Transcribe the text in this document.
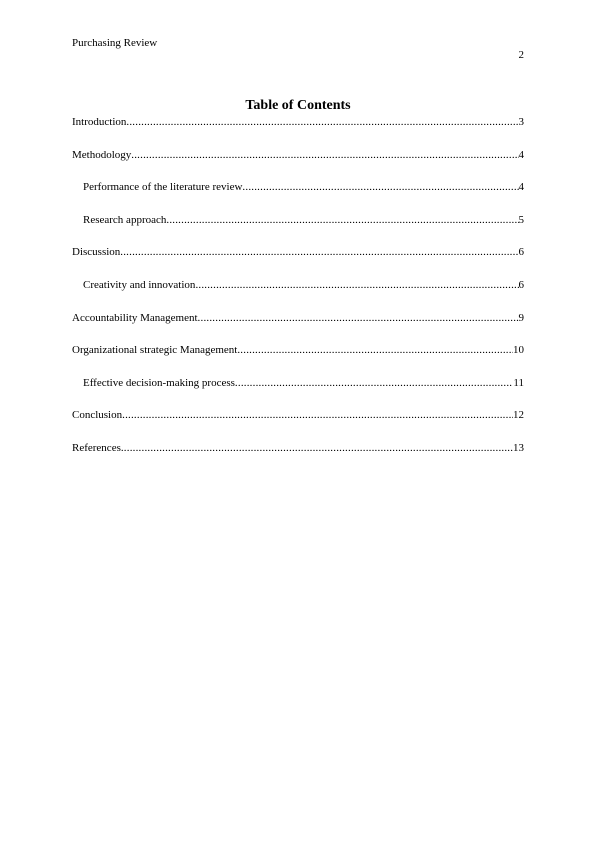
Purchasing Review
2
Table of Contents
Introduction .....	3
Methodology .....	4
Performance of the literature review .....	4
Research approach .....	5
Discussion .....	6
Creativity and innovation .....	6
Accountability Management .....	9
Organizational strategic Management .....	10
Effective decision-making process .....	11
Conclusion .....	12
References .....	13
